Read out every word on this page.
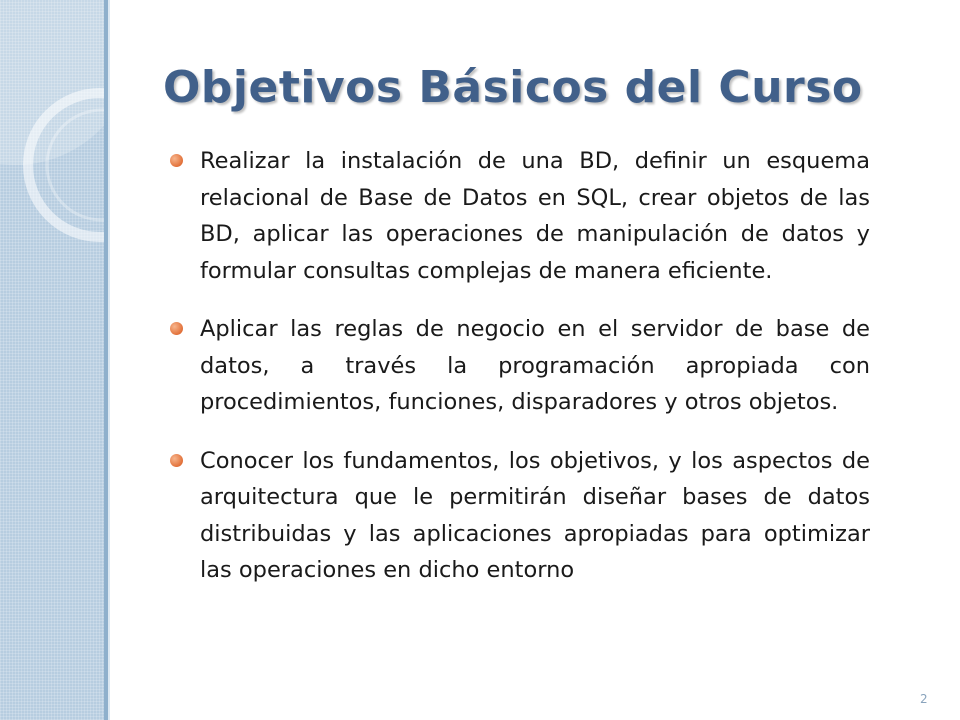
Objetivos Básicos del Curso
Realizar la instalación de una BD, definir un esquema relacional de Base de Datos en SQL, crear objetos de las BD, aplicar las operaciones de manipulación de datos y formular consultas complejas de manera eficiente.
Aplicar las reglas de negocio en el servidor de base de datos, a través la programación apropiada con procedimientos, funciones, disparadores y otros objetos.
Conocer los fundamentos, los objetivos, y los aspectos de arquitectura que le permitirán diseñar bases de datos distribuidas y las aplicaciones apropiadas para optimizar las operaciones en dicho entorno
2
